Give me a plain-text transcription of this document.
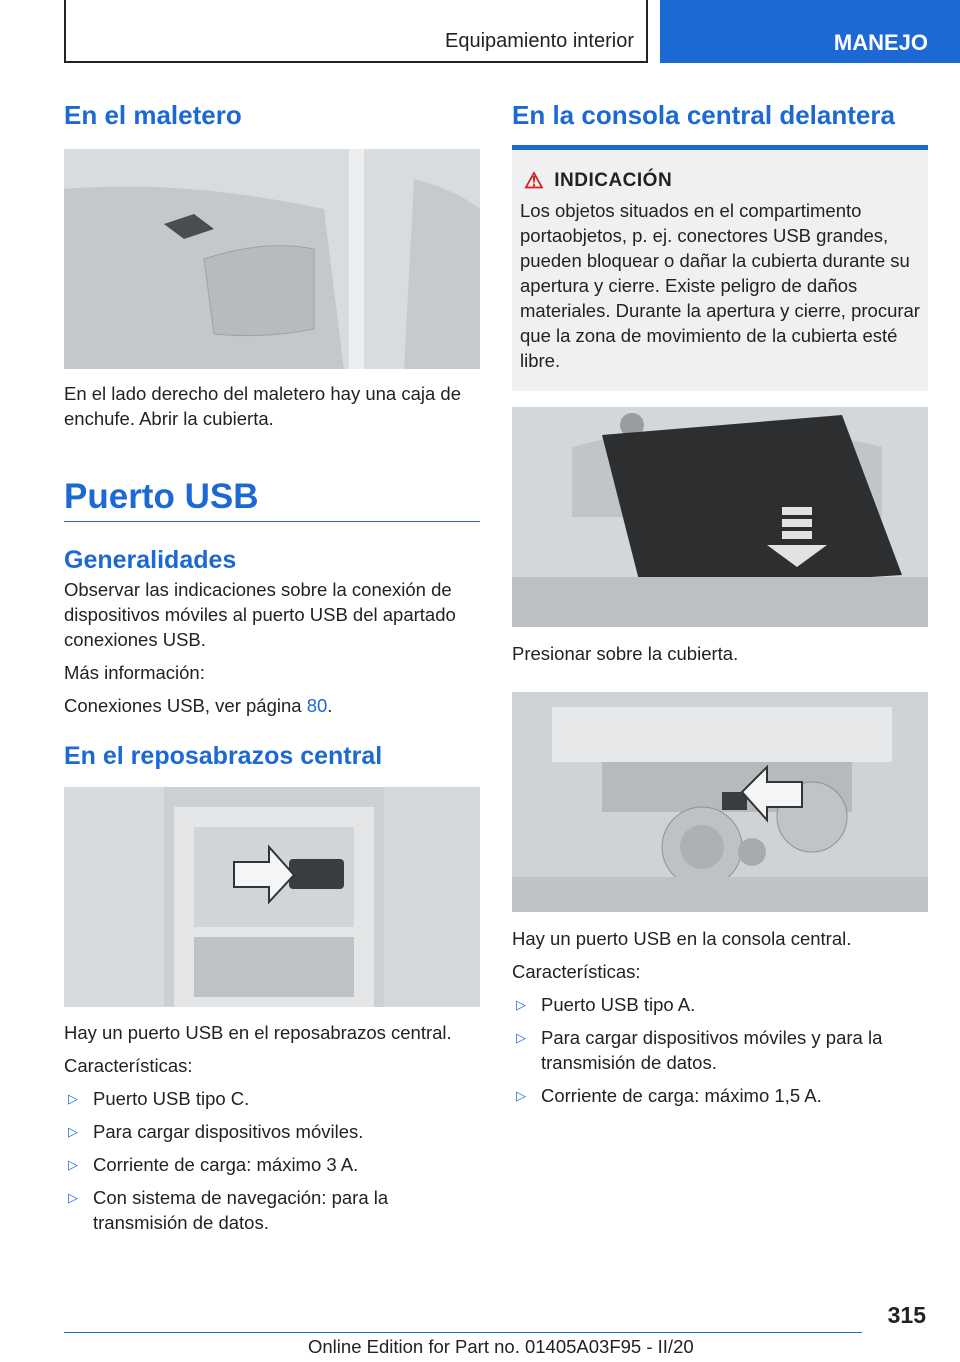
Equipamiento interior	MANEJO
En el maletero

En el lado derecho del maletero hay una caja de enchufe. Abrir la cubierta.

Puerto USB
Generalidades

Observar las indicaciones sobre la conexión de dispositivos móviles al puerto USB del apartado conexiones USB.

Más información:

Conexiones USB, ver página 80.

En el reposabrazos central

Hay un puerto USB en el reposabrazos central.

Características:

▷ Puerto USB tipo C.
▷ Para cargar dispositivos móviles.
▷ Corriente de carga: máximo 3 A.
▷ Con sistema de navegación: para la transmisión de datos.
En la consola central delantera
⚠ INDICACIÓN

Los objetos situados en el compartimento portaobjetos, p. ej. conectores USB grandes, pueden bloquear o dañar la cubierta durante su apertura y cierre. Existe peligro de daños materiales. Durante la apertura y cierre, procurar que la zona de movimiento de la cubierta esté libre.

Presionar sobre la cubierta.

Hay un puerto USB en la consola central.

Características:

▷ Puerto USB tipo A.
▷ Para cargar dispositivos móviles y para la transmisión de datos.
▷ Corriente de carga: máximo 1,5 A.
315
Online Edition for Part no. 01405A03F95 - II/20
